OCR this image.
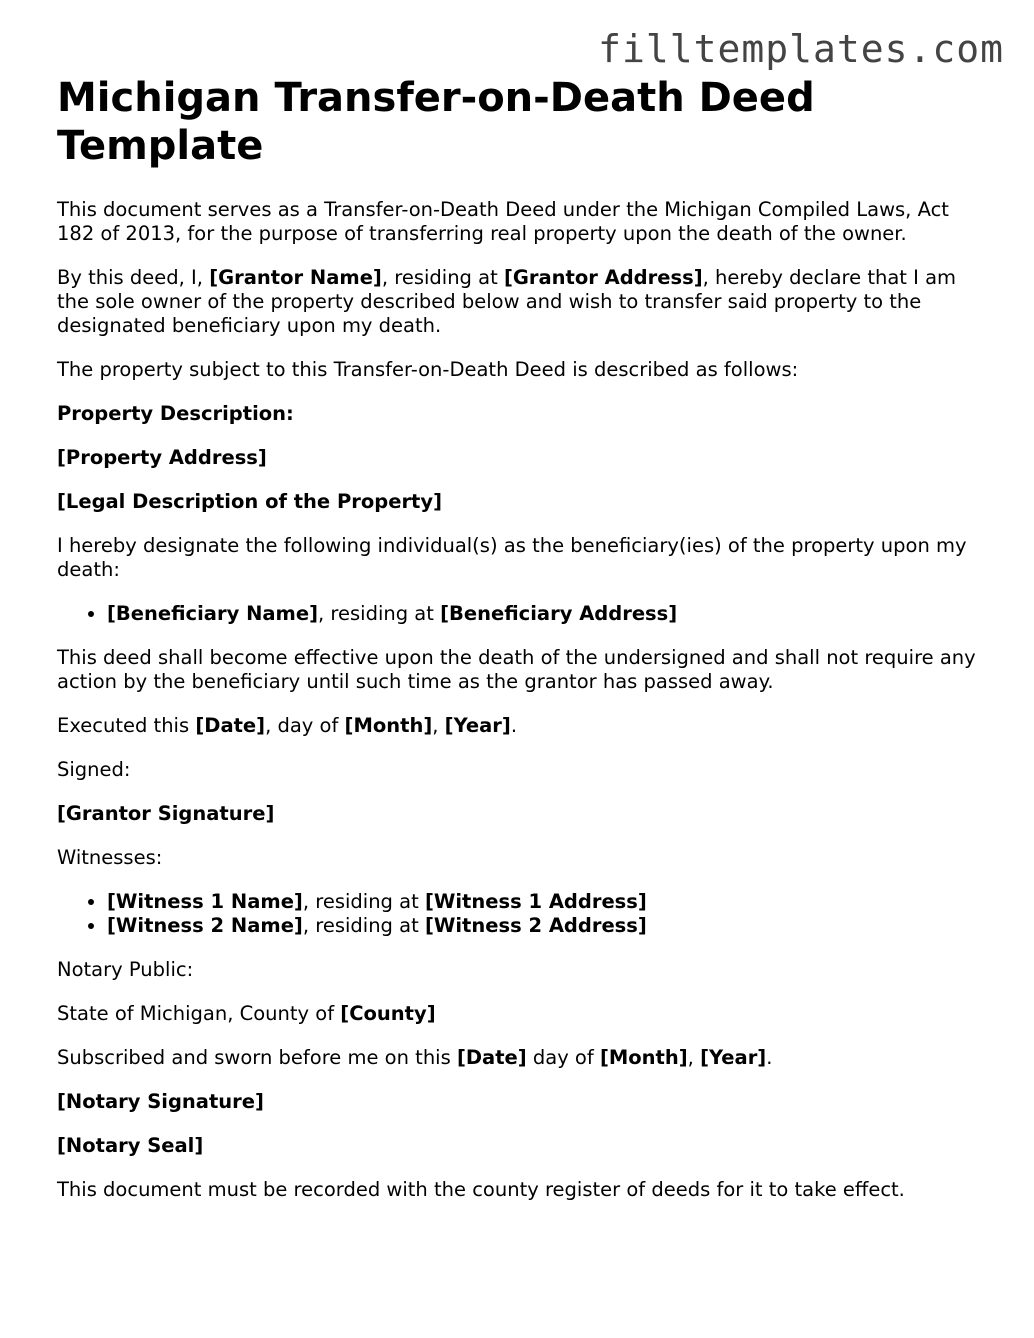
filltemplates.com
Michigan Transfer-on-Death Deed Template

This document serves as a Transfer-on-Death Deed under the Michigan Compiled Laws, Act 182 of 2013, for the purpose of transferring real property upon the death of the owner.

By this deed, I, [Grantor Name], residing at [Grantor Address], hereby declare that I am the sole owner of the property described below and wish to transfer said property to the designated beneficiary upon my death.

The property subject to this Transfer-on-Death Deed is described as follows:

Property Description:

[Property Address]

[Legal Description of the Property]

I hereby designate the following individual(s) as the beneficiary(ies) of the property upon my death:

• [Beneficiary Name], residing at [Beneficiary Address]

This deed shall become effective upon the death of the undersigned and shall not require any action by the beneficiary until such time as the grantor has passed away.

Executed this [Date], day of [Month], [Year].

Signed:

[Grantor Signature]

Witnesses:

• [Witness 1 Name], residing at [Witness 1 Address]
• [Witness 2 Name], residing at [Witness 2 Address]

Notary Public:

State of Michigan, County of [County]

Subscribed and sworn before me on this [Date] day of [Month], [Year].

[Notary Signature]

[Notary Seal]

This document must be recorded with the county register of deeds for it to take effect.
